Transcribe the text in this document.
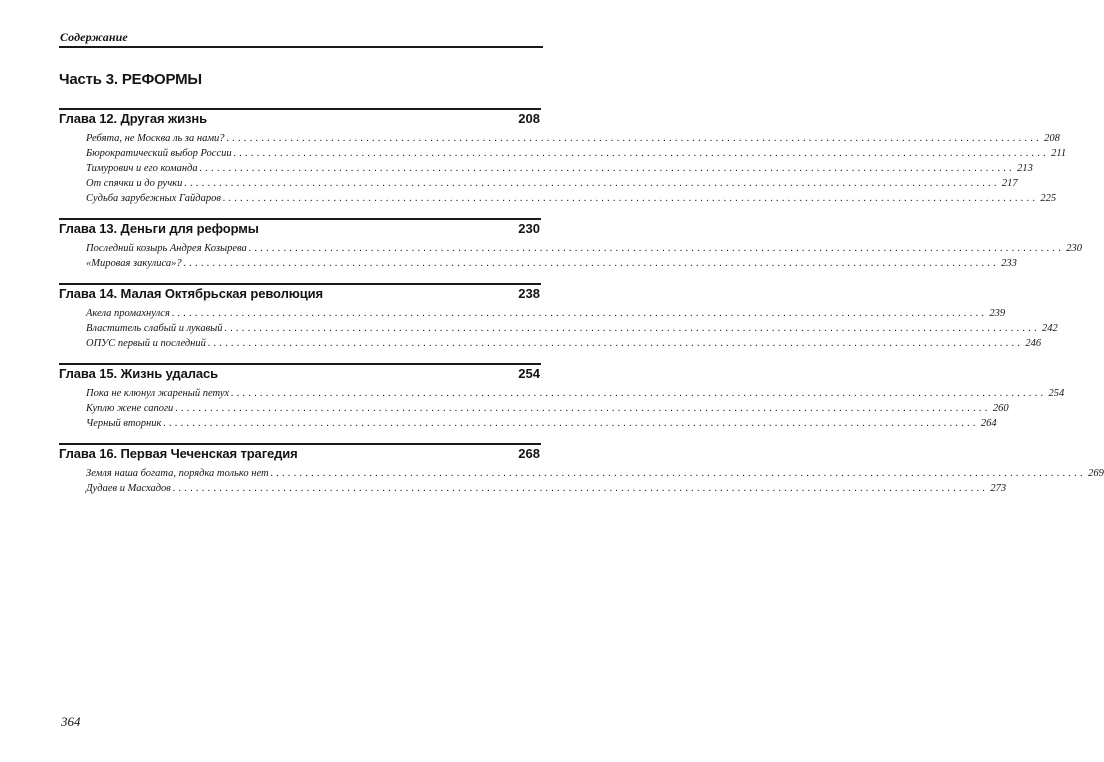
Содержание
Часть 3. РЕФОРМЫ
Глава 12. Другая жизнь	208
Ребята, не Москва ль за нами? ............................................................................................................................................ 208
Бюрократический выбор России ............................................................................................................................................ 211
Тимурович и его команда ............................................................................................................................................ 213
От спячки и до ручки ............................................................................................................................................ 217
Судьба зарубежных Гайдаров ............................................................................................................................................ 225
Глава 13. Деньги для реформы	230
Последний козырь Андрея Козырева ............................................................................................................................................ 230
«Мировая закулиса»? ............................................................................................................................................ 233
Глава 14. Малая Октябрьская революция	238
Акела промахнулся ............................................................................................................................................ 239
Властитель слабый и лукавый ............................................................................................................................................ 242
ОПУС первый и последний ............................................................................................................................................ 246
Глава 15. Жизнь удалась	254
Пока не клюнул жареный петух ............................................................................................................................................ 254
Куплю жене сапоги ............................................................................................................................................ 260
Черный вторник ............................................................................................................................................ 264
Глава 16. Первая Чеченская трагедия	268
Земля наша богата, порядка только нет ............................................................................................................................................ 269
Дудаев и Масхадов ............................................................................................................................................ 273
364
